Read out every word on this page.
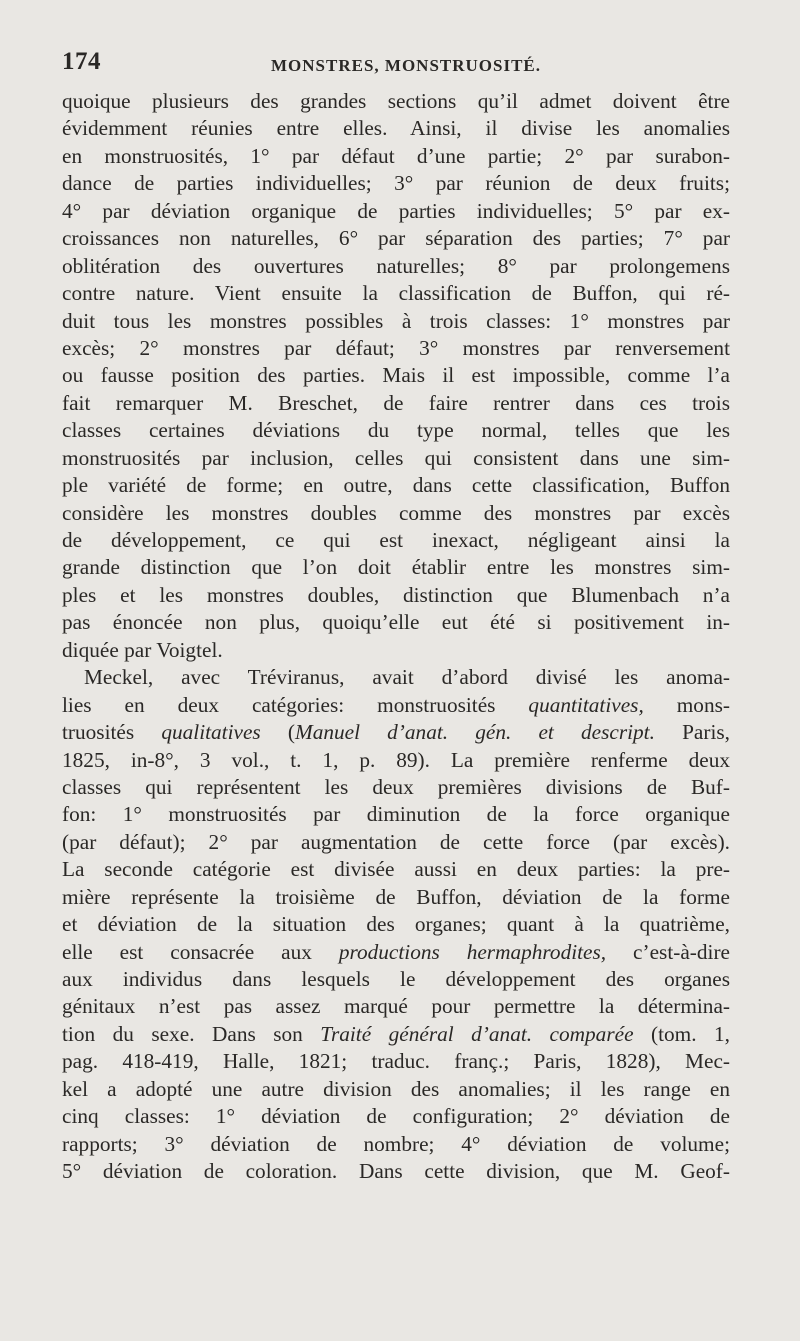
174	MONSTRES, MONSTRUOSITÉ.
quoique plusieurs des grandes sections qu’il admet doivent être
évidemment réunies entre elles. Ainsi, il divise les anomalies
en monstruosités, 1° par défaut d’une partie; 2° par surabon-
dance de parties individuelles; 3° par réunion de deux fruits;
4° par déviation organique de parties individuelles; 5° par ex-
croissances non naturelles, 6° par séparation des parties; 7° par
oblitération des ouvertures naturelles; 8° par prolongemens
contre nature. Vient ensuite la classification de Buffon, qui ré-
duit tous les monstres possibles à trois classes: 1° monstres par
excès; 2° monstres par défaut; 3° monstres par renversement
ou fausse position des parties. Mais il est impossible, comme l’a
fait remarquer M. Breschet, de faire rentrer dans ces trois
classes certaines déviations du type normal, telles que les
monstruosités par inclusion, celles qui consistent dans une sim-
ple variété de forme; en outre, dans cette classification, Buffon
considère les monstres doubles comme des monstres par excès
de développement, ce qui est inexact, négligeant ainsi la
grande distinction que l’on doit établir entre les monstres sim-
ples et les monstres doubles, distinction que Blumenbach n’a
pas énoncée non plus, quoiqu’elle eut été si positivement in-
diquée par Voigtel.
Meckel, avec Tréviranus, avait d’abord divisé les anoma-
lies en deux catégories: monstruosités quantitatives, mons-
truosités qualitatives (Manuel d’anat. gén. et descript. Paris,
1825, in-8°, 3 vol., t. 1, p. 89). La première renferme deux
classes qui représentent les deux premières divisions de Buf-
fon: 1° monstruosités par diminution de la force organique
(par défaut); 2° par augmentation de cette force (par excès).
La seconde catégorie est divisée aussi en deux parties: la pre-
mière représente la troisième de Buffon, déviation de la forme
et déviation de la situation des organes; quant à la quatrième,
elle est consacrée aux productions hermaphrodites, c’est-à-dire
aux individus dans lesquels le développement des organes
génitaux n’est pas assez marqué pour permettre la détermina-
tion du sexe. Dans son Traité général d’anat. comparée (tom. 1,
pag. 418-419, Halle, 1821; traduc. franç.; Paris, 1828), Mec-
kel a adopté une autre division des anomalies; il les range en
cinq classes: 1° déviation de configuration; 2° déviation de
rapports; 3° déviation de nombre; 4° déviation de volume;
5° déviation de coloration. Dans cette division, que M. Geof-
